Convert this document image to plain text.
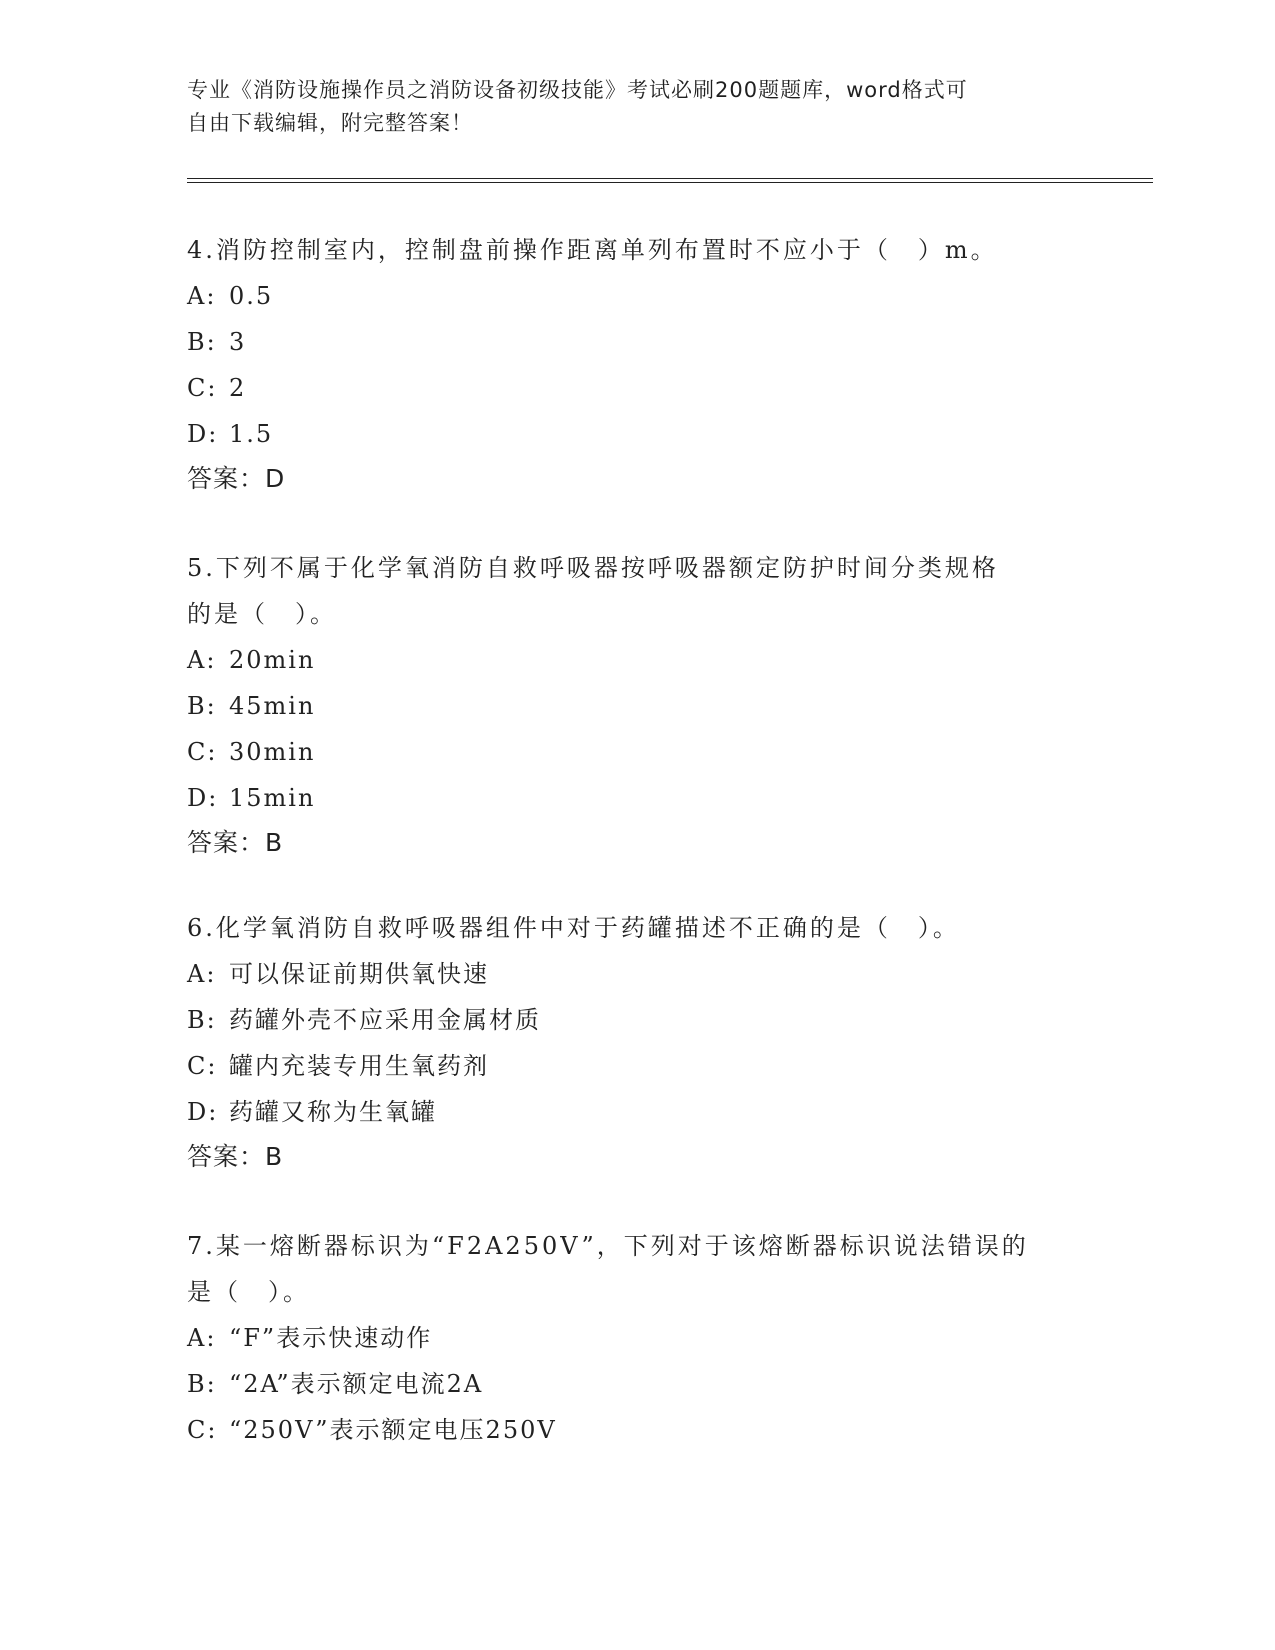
专业《消防设施操作员之消防设备初级技能》考试必刷200题题库，word格式可
自由下载编辑，附完整答案！
4.消防控制室内，控制盘前操作距离单列布置时不应小于（　）m。
A: 0.5
B: 3
C: 2
D: 1.5
答案：D
5.下列不属于化学氧消防自救呼吸器按呼吸器额定防护时间分类规格
的是（　）。
A: 20min
B: 45min
C: 30min
D: 15min
答案：B
6.化学氧消防自救呼吸器组件中对于药罐描述不正确的是（　）。
A: 可以保证前期供氧快速
B: 药罐外壳不应采用金属材质
C: 罐内充装专用生氧药剂
D: 药罐又称为生氧罐
答案：B
7.某一熔断器标识为“F2A250V”，下列对于该熔断器标识说法错误的
是（　）。
A: “F”表示快速动作
B: “2A”表示额定电流2A
C: “250V”表示额定电压250V
